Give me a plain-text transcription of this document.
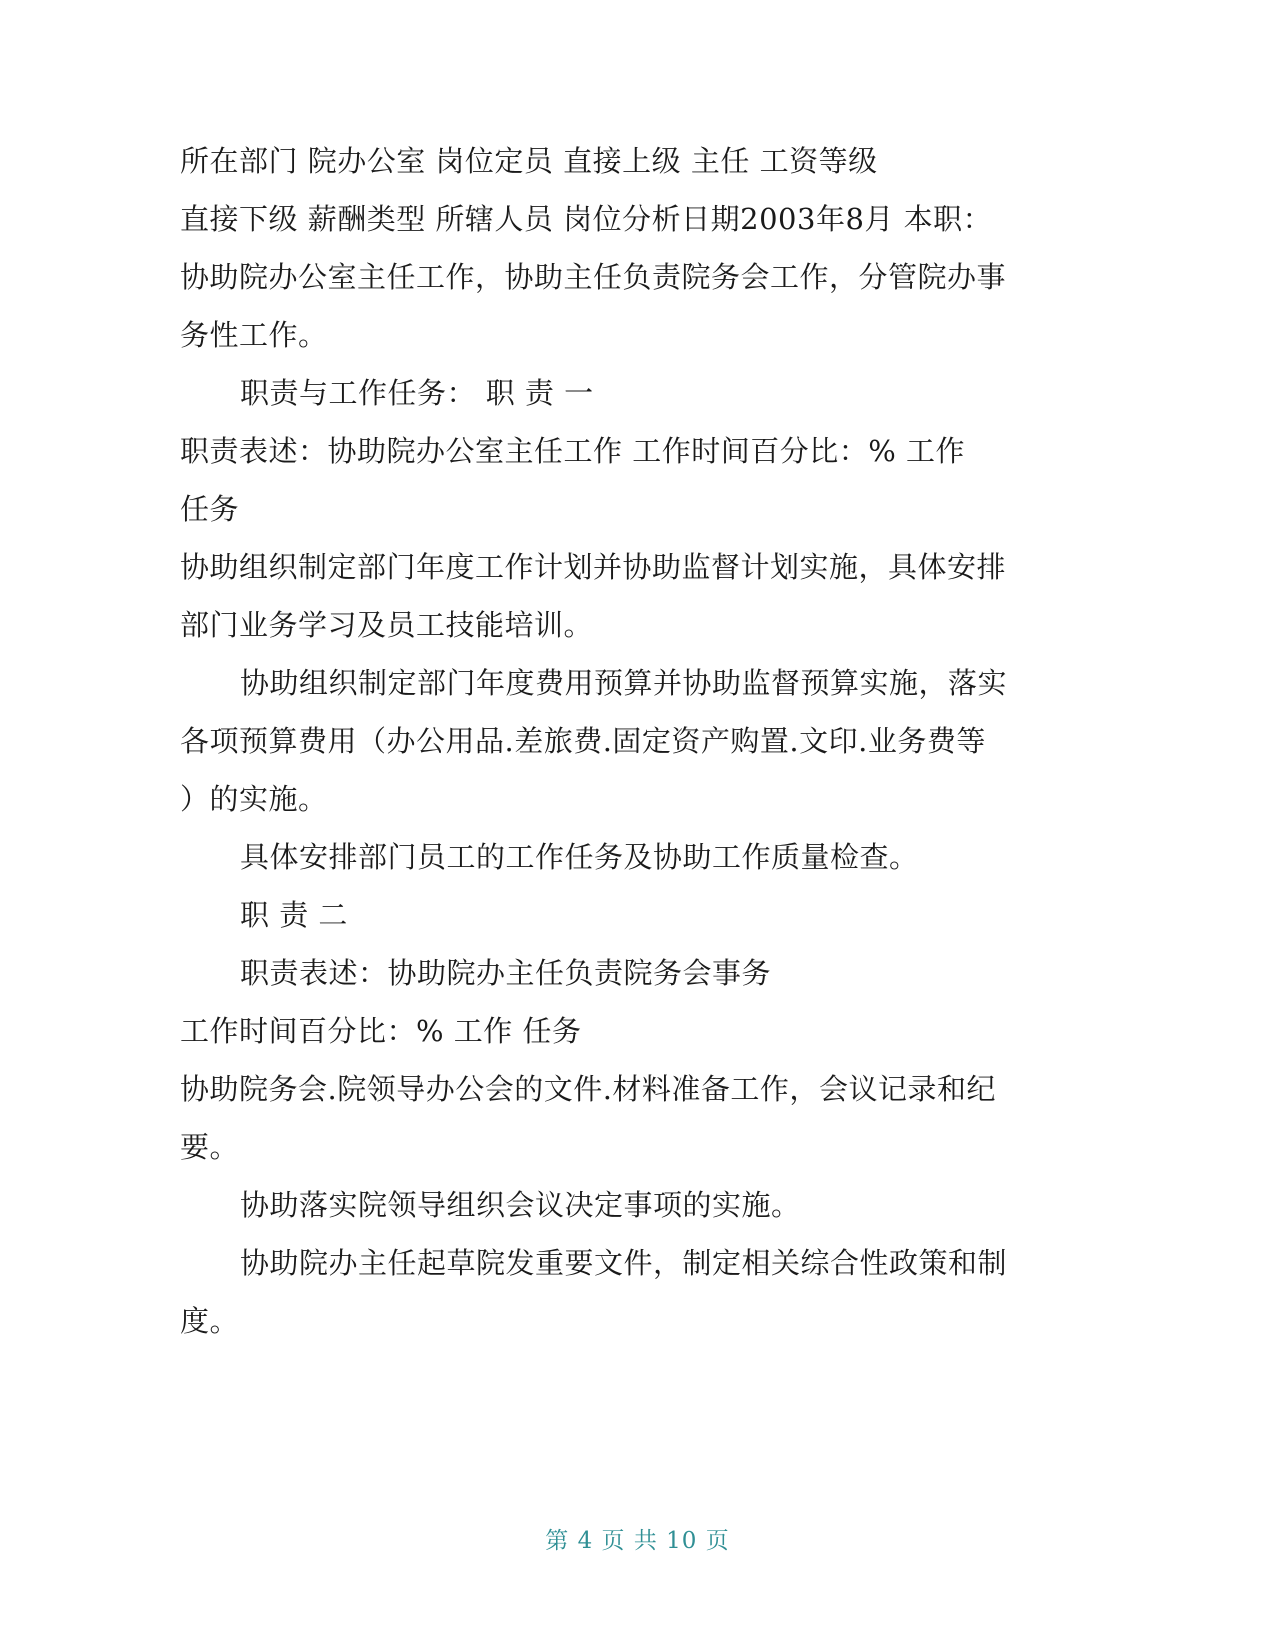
所在部门 院办公室 岗位定员 直接上级 主任 工资等级
直接下级 薪酬类型 所辖人员 岗位分析日期2003年8月 本职：
协助院办公室主任工作，协助主任负责院务会工作，分管院办事
务性工作。
职责与工作任务： 职 责 一
职责表述：协助院办公室主任工作 工作时间百分比：% 工作
任务
协助组织制定部门年度工作计划并协助监督计划实施，具体安排
部门业务学习及员工技能培训。
协助组织制定部门年度费用预算并协助监督预算实施，落实
各项预算费用（办公用品.差旅费.固定资产购置.文印.业务费等
）的实施。
具体安排部门员工的工作任务及协助工作质量检查。
职 责 二
职责表述：协助院办主任负责院务会事务
工作时间百分比：% 工作 任务
协助院务会.院领导办公会的文件.材料准备工作，会议记录和纪
要。
协助落实院领导组织会议决定事项的实施。
协助院办主任起草院发重要文件，制定相关综合性政策和制
度。
第 4 页 共 10 页
